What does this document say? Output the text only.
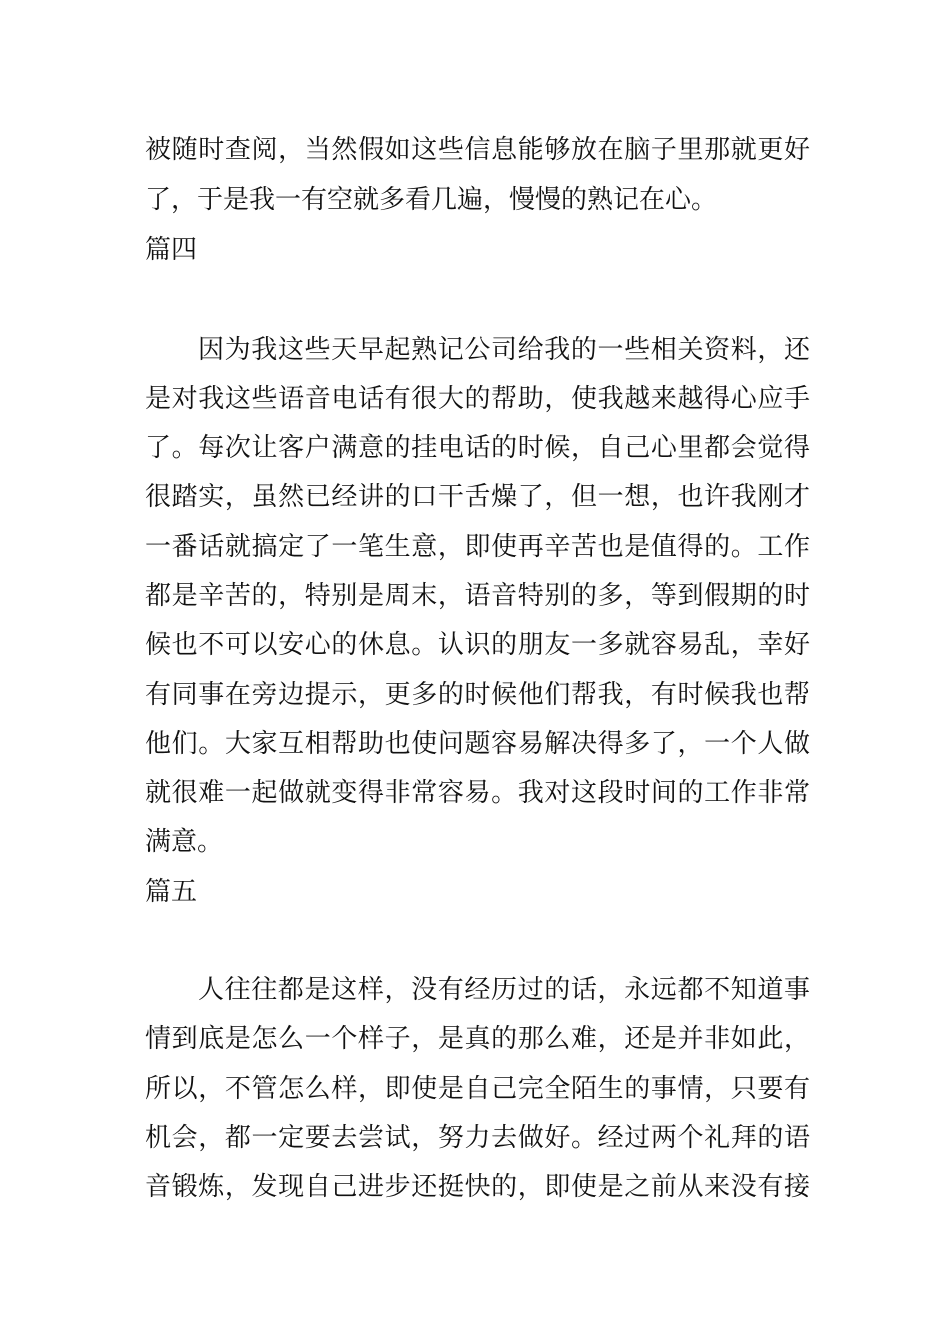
被随时查阅，当然假如这些信息能够放在脑子里那就更好
了，于是我一有空就多看几遍，慢慢的熟记在心。
篇四
因为我这些天早起熟记公司给我的一些相关资料，还
是对我这些语音电话有很大的帮助，使我越来越得心应手
了。每次让客户满意的挂电话的时候，自己心里都会觉得
很踏实，虽然已经讲的口干舌燥了，但一想，也许我刚才
一番话就搞定了一笔生意，即使再辛苦也是值得的。工作
都是辛苦的，特别是周末，语音特别的多，等到假期的时
候也不可以安心的休息。认识的朋友一多就容易乱，幸好
有同事在旁边提示，更多的时候他们帮我，有时候我也帮
他们。大家互相帮助也使问题容易解决得多了，一个人做
就很难一起做就变得非常容易。我对这段时间的工作非常
满意。
篇五
人往往都是这样，没有经历过的话，永远都不知道事
情到底是怎么一个样子，是真的那么难，还是并非如此，
所以，不管怎么样，即使是自己完全陌生的事情，只要有
机会，都一定要去尝试，努力去做好。经过两个礼拜的语
音锻炼，发现自己进步还挺快的，即使是之前从来没有接
